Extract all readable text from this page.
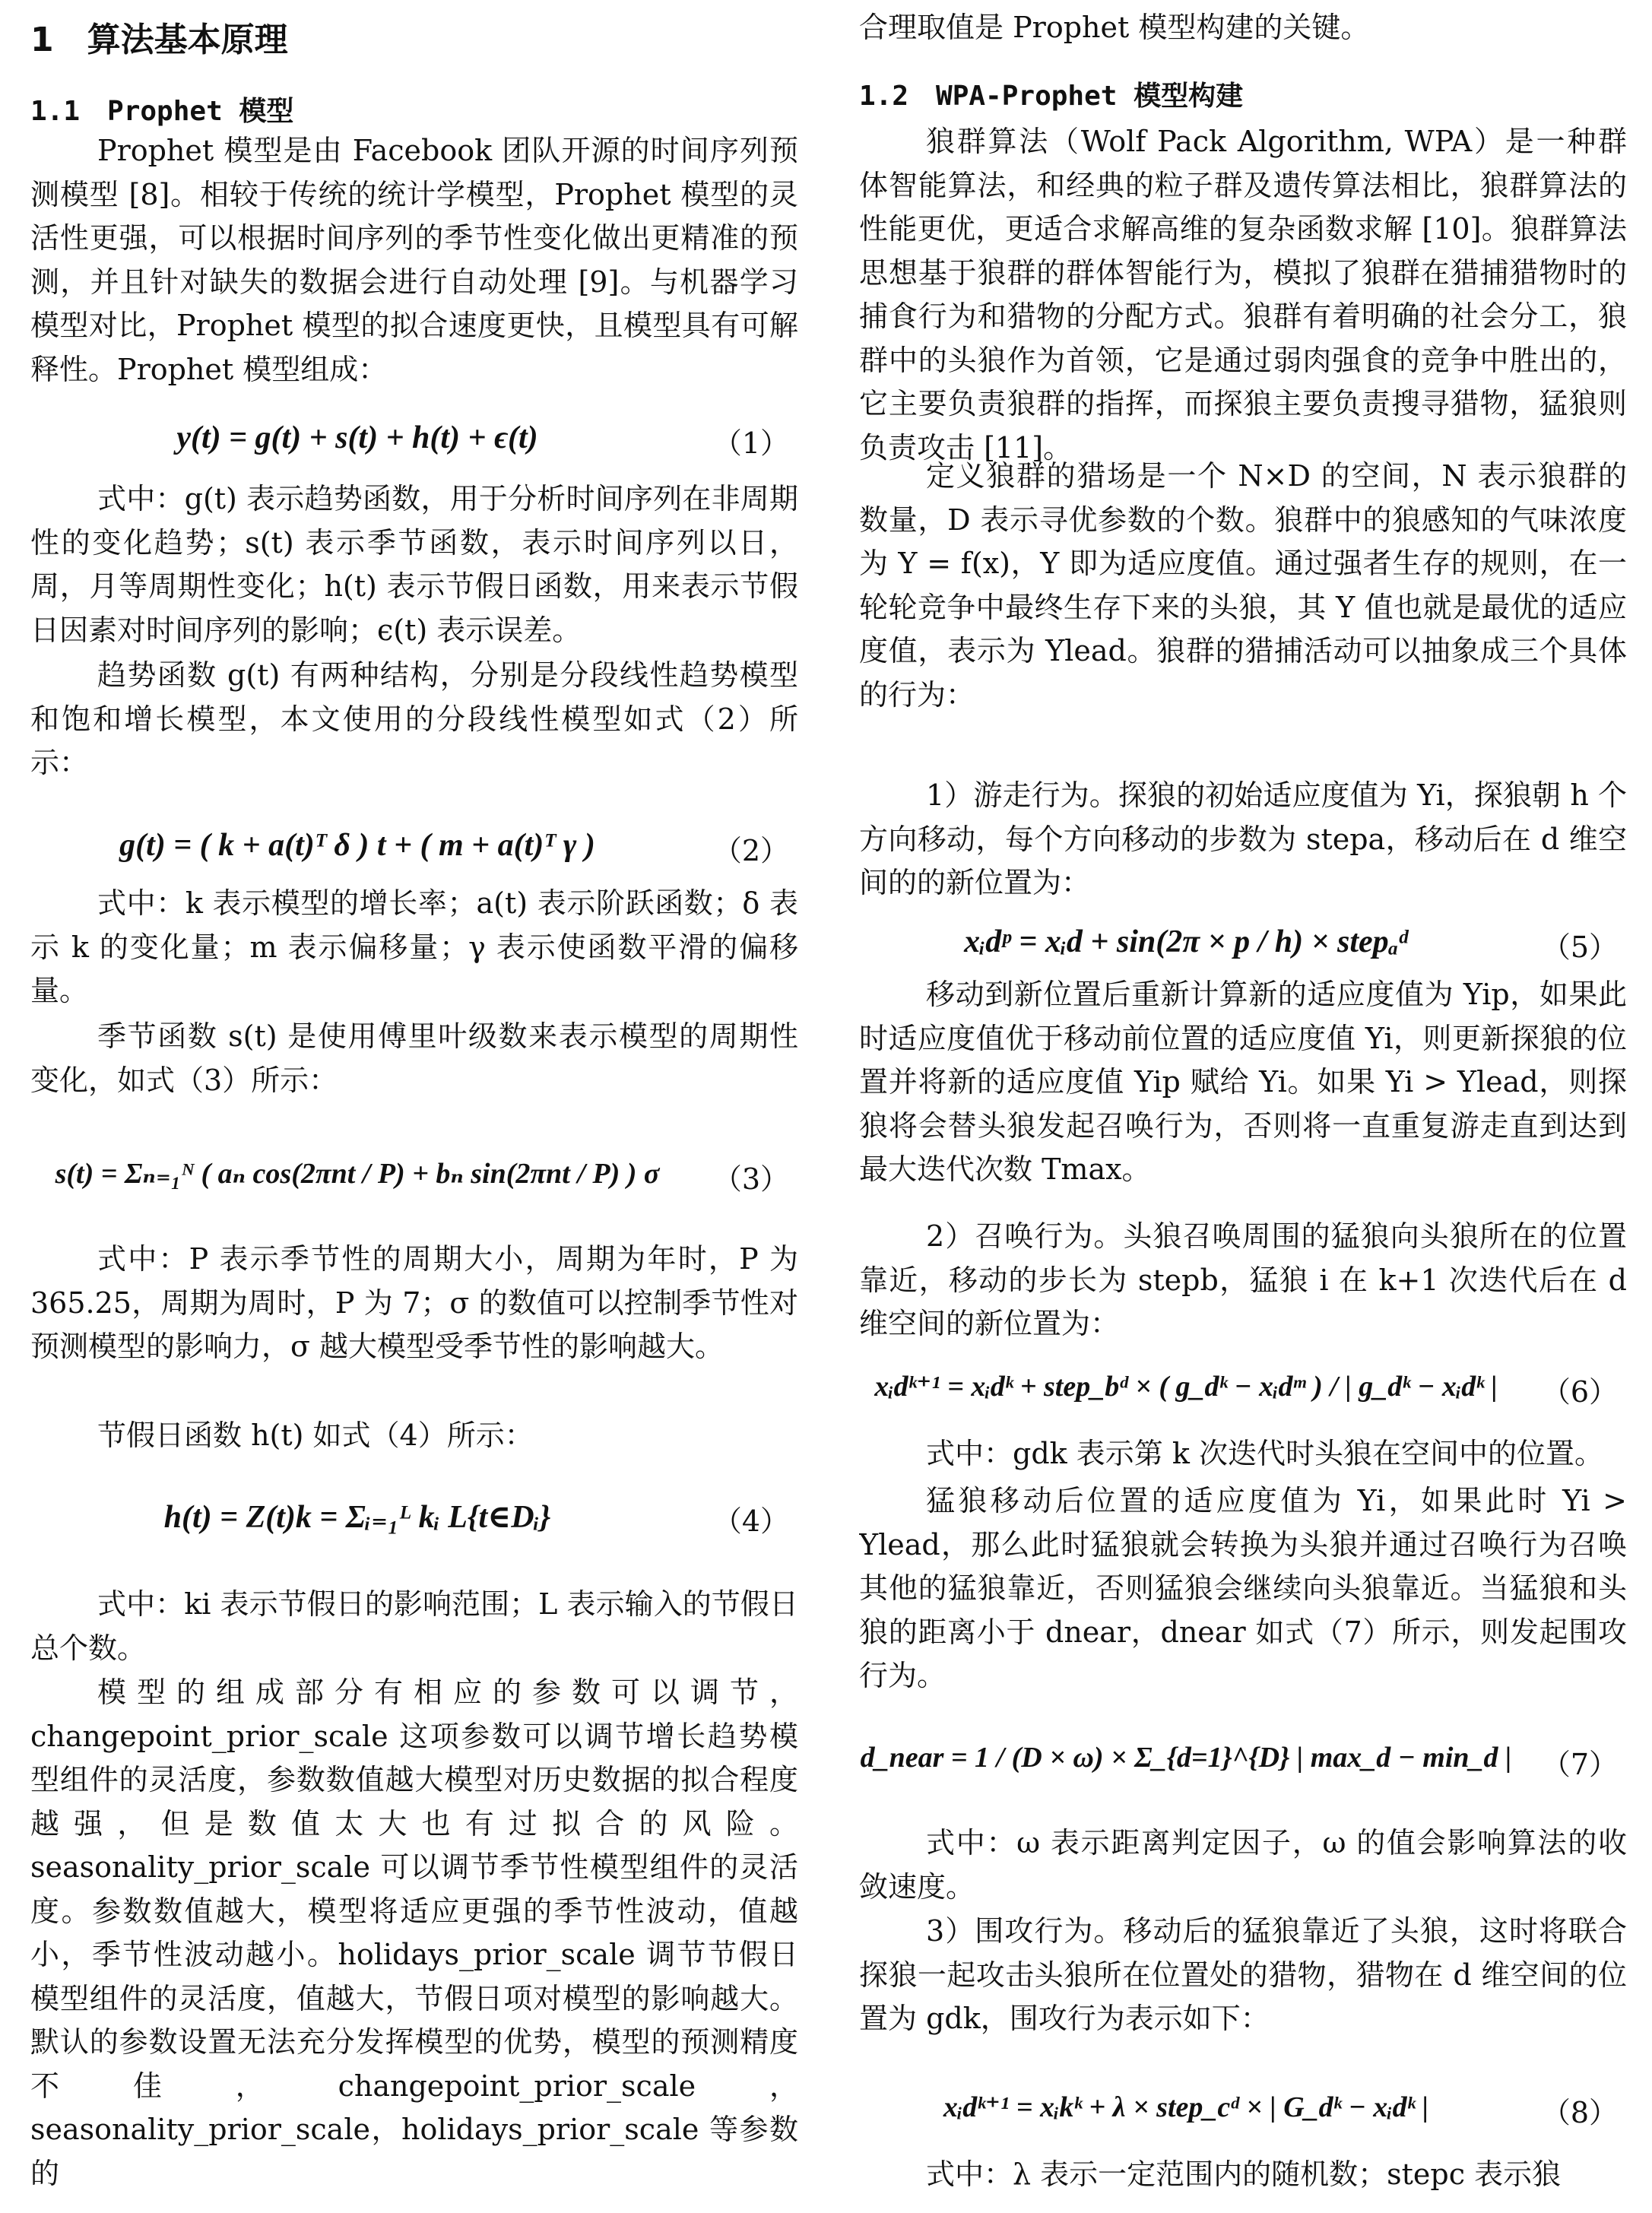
1　算法基本原理
1.1　Prophet 模型
Prophet 模型是由 Facebook 团队开源的时间序列预测模型 [8]。相较于传统的统计学模型，Prophet 模型的灵活性更强，可以根据时间序列的季节性变化做出更精准的预测，并且针对缺失的数据会进行自动处理 [9]。与机器学习模型对比，Prophet 模型的拟合速度更快，且模型具有可解释性。Prophet 模型组成：
y(t) = g(t) + s(t) + h(t) + ϵ(t)	（1）
式中：g(t) 表示趋势函数，用于分析时间序列在非周期性的变化趋势；s(t) 表示季节函数，表示时间序列以日，周，月等周期性变化；h(t) 表示节假日函数，用来表示节假日因素对时间序列的影响；ϵ(t) 表示误差。
趋势函数 g(t) 有两种结构，分别是分段线性趋势模型和饱和增长模型，本文使用的分段线性模型如式（2）所示：
g(t) = ( k + a(t)ᵀ δ ) t + ( m + a(t)ᵀ γ )	（2）
式中：k 表示模型的增长率；a(t) 表示阶跃函数；δ 表示 k 的变化量；m 表示偏移量；γ 表示使函数平滑的偏移量。
季节函数 s(t) 是使用傅里叶级数来表示模型的周期性变化，如式（3）所示：
s(t) = Σₙ₌₁ᴺ ( aₙ cos(2πnt / P) + bₙ sin(2πnt / P) ) σ	（3）
式中：P 表示季节性的周期大小，周期为年时，P 为 365.25，周期为周时，P 为 7；σ 的数值可以控制季节性对预测模型的影响力，σ 越大模型受季节性的影响越大。
节假日函数 h(t) 如式（4）所示：
h(t) = Z(t)k = Σᵢ₌₁ᴸ kᵢ L{t∈Dᵢ}	（4）
式中：ki 表示节假日的影响范围；L 表示输入的节假日总个数。
模型的组成部分有相应的参数可以调节，changepoint_prior_scale 这项参数可以调节增长趋势模型组件的灵活度，参数数值越大模型对历史数据的拟合程度越强，但是数值太大也有过拟合的风险。seasonality_prior_scale 可以调节季节性模型组件的灵活度。参数数值越大，模型将适应更强的季节性波动，值越小，季节性波动越小。holidays_prior_scale 调节节假日模型组件的灵活度，值越大，节假日项对模型的影响越大。默认的参数设置无法充分发挥模型的优势，模型的预测精度不佳，changepoint_prior_scale，seasonality_prior_scale，holidays_prior_scale 等参数的
合理取值是 Prophet 模型构建的关键。
1.2　WPA-Prophet 模型构建
狼群算法（Wolf Pack Algorithm, WPA）是一种群体智能算法，和经典的粒子群及遗传算法相比，狼群算法的性能更优，更适合求解高维的复杂函数求解 [10]。狼群算法思想基于狼群的群体智能行为，模拟了狼群在猎捕猎物时的捕食行为和猎物的分配方式。狼群有着明确的社会分工，狼群中的头狼作为首领，它是通过弱肉强食的竞争中胜出的，它主要负责狼群的指挥，而探狼主要负责搜寻猎物，猛狼则负责攻击 [11]。
定义狼群的猎场是一个 N×D 的空间，N 表示狼群的数量，D 表示寻优参数的个数。狼群中的狼感知的气味浓度为 Y = f(x)，Y 即为适应度值。通过强者生存的规则，在一轮轮竞争中最终生存下来的头狼，其 Y 值也就是最优的适应度值，表示为 Ylead。狼群的猎捕活动可以抽象成三个具体的行为：
1）游走行为。探狼的初始适应度值为 Yi，探狼朝 h 个方向移动，每个方向移动的步数为 stepa，移动后在 d 维空间的的新位置为：
xᵢdᵖ = xᵢd + sin(2π × p / h) × stepₐᵈ	（5）
移动到新位置后重新计算新的适应度值为 Yip，如果此时适应度值优于移动前位置的适应度值 Yi，则更新探狼的位置并将新的适应度值 Yip 赋给 Yi。如果 Yi > Ylead，则探狼将会替头狼发起召唤行为，否则将一直重复游走直到达到最大迭代次数 Tmax。
2）召唤行为。头狼召唤周围的猛狼向头狼所在的位置靠近，移动的步长为 stepb，猛狼 i 在 k+1 次迭代后在 d 维空间的新位置为：
xᵢdᵏ⁺¹ = xᵢdᵏ + step_bᵈ × ( g_dᵏ − xᵢdᵐ ) / | g_dᵏ − xᵢdᵏ |	（6）
式中：gdk 表示第 k 次迭代时头狼在空间中的位置。
猛狼移动后位置的适应度值为 Yi，如果此时 Yi > Ylead，那么此时猛狼就会转换为头狼并通过召唤行为召唤其他的猛狼靠近，否则猛狼会继续向头狼靠近。当猛狼和头狼的距离小于 dnear，dnear 如式（7）所示，则发起围攻行为。
d_near = 1 / (D × ω) × Σ_{d=1}^{D} | max_d − min_d | （7）
式中：ω 表示距离判定因子，ω 的值会影响算法的收敛速度。
3）围攻行为。移动后的猛狼靠近了头狼，这时将联合探狼一起攻击头狼所在位置处的猎物，猎物在 d 维空间的位置为 gdk，围攻行为表示如下：
xᵢdᵏ⁺¹ = xᵢkᵏ + λ × step_cᵈ × | G_dᵏ − xᵢdᵏ |	（8）
式中：λ 表示一定范围内的随机数；stepc 表示狼
